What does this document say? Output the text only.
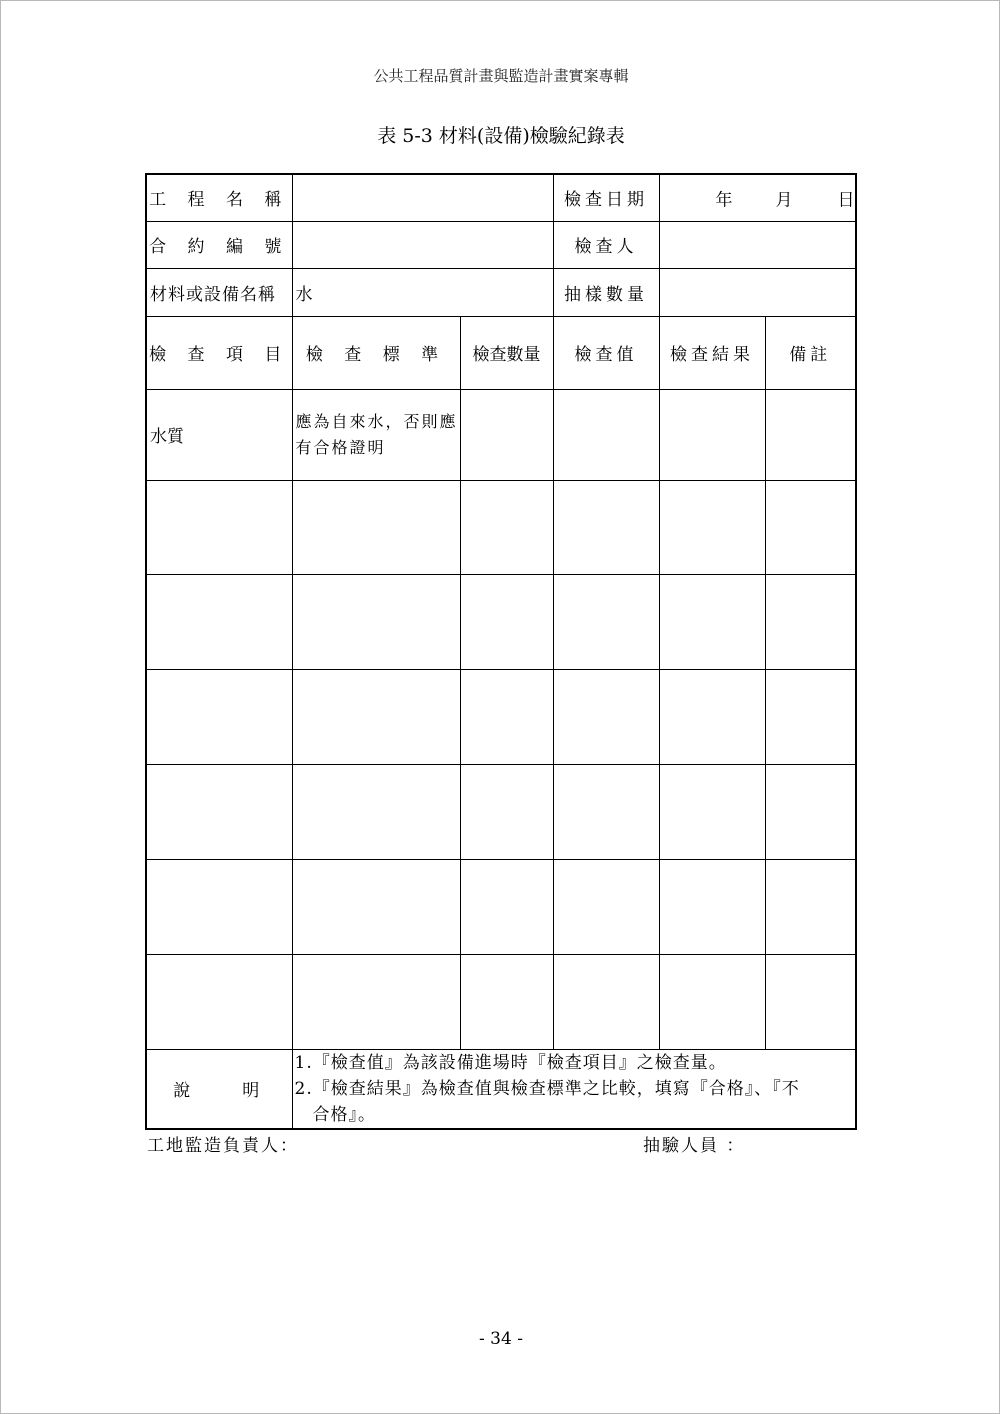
公共工程品質計畫與監造計畫實案專輯
表 5-3 材料(設備)檢驗紀錄表
工 程 名 稱			檢查日期	年 月 日	

合 約 編 號			檢查人		
材料或設備名稱	水		抽樣數量		
檢 查 項 目	檢 查 標 準	檢查數量	檢查值	檢查結果	備註
水質	應為自來水，否則應有合格證明				

說　　明	1.『檢查值』為該設備進場時『檢查項目』之檢查量。
2.『檢查結果』為檢查值與檢查標準之比較，填寫『合格』、『不
合格』。				
工地監造負責人：	抽驗人員 ：
- 34 -
